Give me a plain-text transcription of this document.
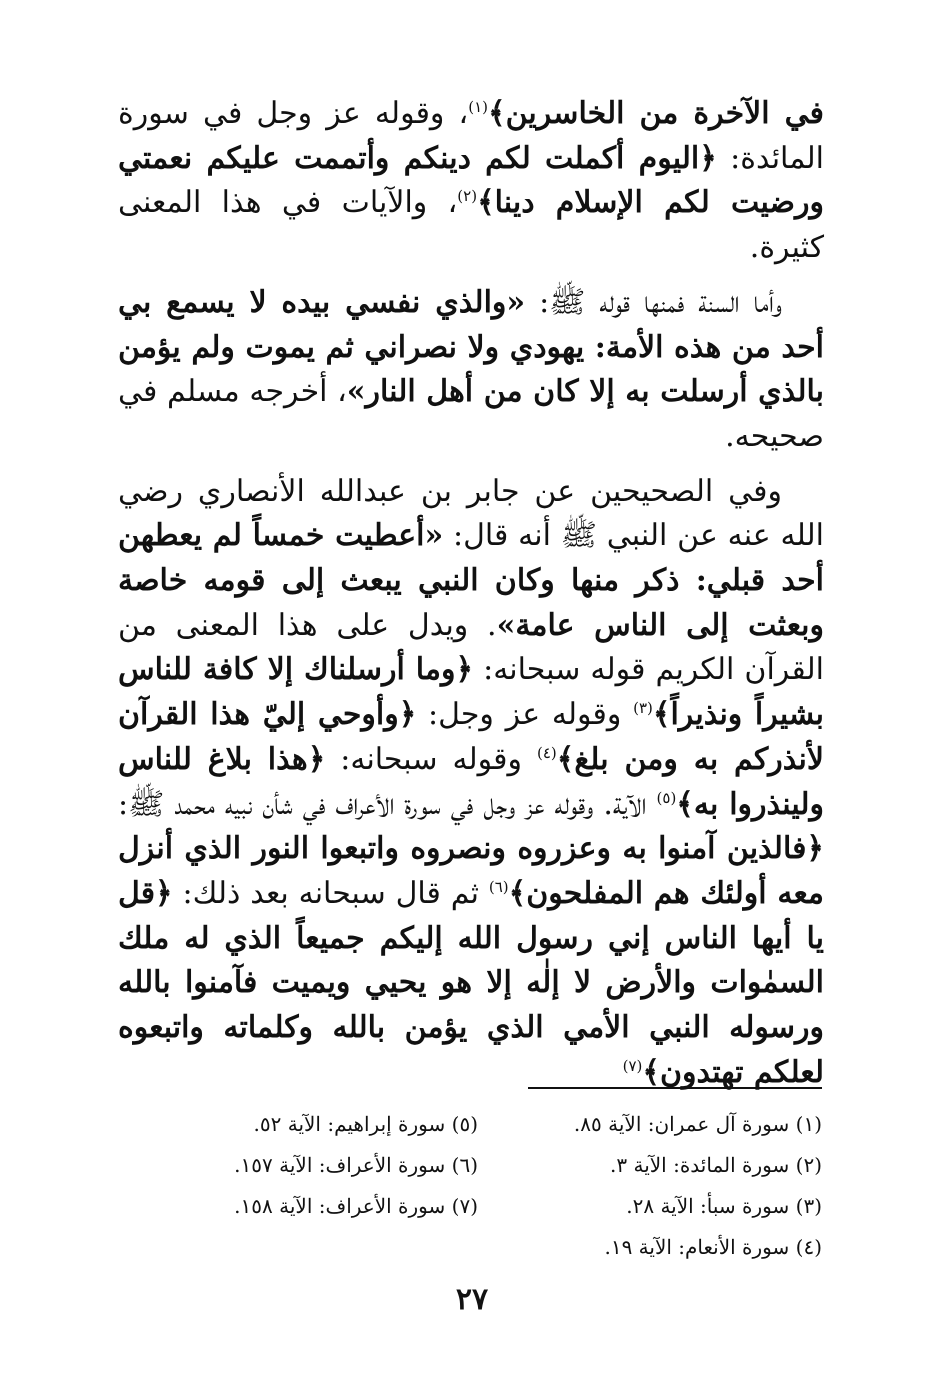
في الآخرة من الخاسرين﴾$^{(١)}$، وقوله عز وجل في سورة المائدة: ﴿اليوم أكملت لكم دينكم وأتممت عليكم نعمتي ورضيت لكم الإسلام دينا﴾$^{(٢)}$، والآيات في هذا المعنى كثيرة.

وأما السنة فمنها قوله ﷺ: «والذي نفسي بيده لا يسمع بي أحد من هذه الأمة: يهودي ولا نصراني ثم يموت ولم يؤمن بالذي أرسلت به إلا كان من أهل النار»، أخرجه مسلم في صحيحه.

وفي الصحيحين عن جابر بن عبدالله الأنصاري رضي الله عنه عن النبي ﷺ أنه قال: «أعطيت خمساً لم يعطهن أحد قبلي: ذكر منها وكان النبي يبعث إلى قومه خاصة وبعثت إلى الناس عامة». ويدل على هذا المعنى من القرآن الكريم قوله سبحانه: ﴿وما أرسلناك إلا كافة للناس بشيراً ونذيراً﴾$^{(٣)}$ وقوله عز وجل: ﴿وأوحي إليّ هذا القرآن لأنذركم به ومن بلغ﴾$^{(٤)}$ وقوله سبحانه: ﴿هذا بلاغ للناس ولينذروا به﴾$^{(٥)}$ الآية. وقوله عز وجل في سورة الأعراف في شأن نبيه محمد ﷺ: ﴿فالذين آمنوا به وعزروه ونصروه واتبعوا النور الذي أنزل معه أولئك هم المفلحون﴾$^{(٦)}$ ثم قال سبحانه بعد ذلك: ﴿قل يا أيها الناس إني رسول الله إليكم جميعاً الذي له ملك السمٰوات والأرض لا إلٰه إلا هو يحيي ويميت فآمنوا بالله ورسوله النبي الأمي الذي يؤمن بالله وكلماته واتبعوه لعلكم تهتدون﴾$^{(٧)}$

(١) سورة آل عمران: الآية ٨٥.
(٢) سورة المائدة: الآية ٣.
(٣) سورة سبأ: الآية ٢٨.
(٤) سورة الأنعام: الآية ١٩.
(٥) سورة إبراهيم: الآية ٥٢.
(٦) سورة الأعراف: الآية ١٥٧.
(٧) سورة الأعراف: الآية ١٥٨.
٢٧
